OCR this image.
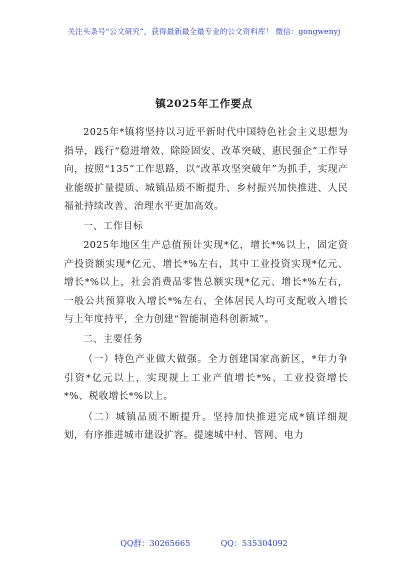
关注头条号“公文研究”，获得最新最全最专业的公文资料库！ 微信：gongwenyj
镇2025年工作要点

2025年*镇将坚持以习近平新时代中国特色社会主义思想为指导，践行“稳进增效、除险固安、改革突破、惠民强企”工作导向，按照“135”工作思路，以“改革攻坚突破年”为抓手，实现产业能级扩量提质、城镇品质不断提升、乡村振兴加快推进、人民福祉持续改善、治理水平更加高效。

一、工作目标

2025年地区生产总值预计实现*亿，增长*%以上，固定资产投资额实现*亿元、增长*%左右，其中工业投资实现*亿元、增长*%以上，社会消费品零售总额实现*亿元、增长*%左右，一般公共预算收入增长*%左右，全体居民人均可支配收入增长与上年度持平，全力创建“智能制造科创新城”。

二、主要任务

（一）特色产业做大做强。全力创建国家高新区，*年力争引资*亿元以上，实现规上工业产值增长*%、工业投资增长*%、税收增长*%以上。

（二）城镇品质不断提升。坚持加快推进完成*镇详细规划，有序推进城市建设扩容。提速城中村、管网、电力

QQ群：30265665	QQ：535304092
